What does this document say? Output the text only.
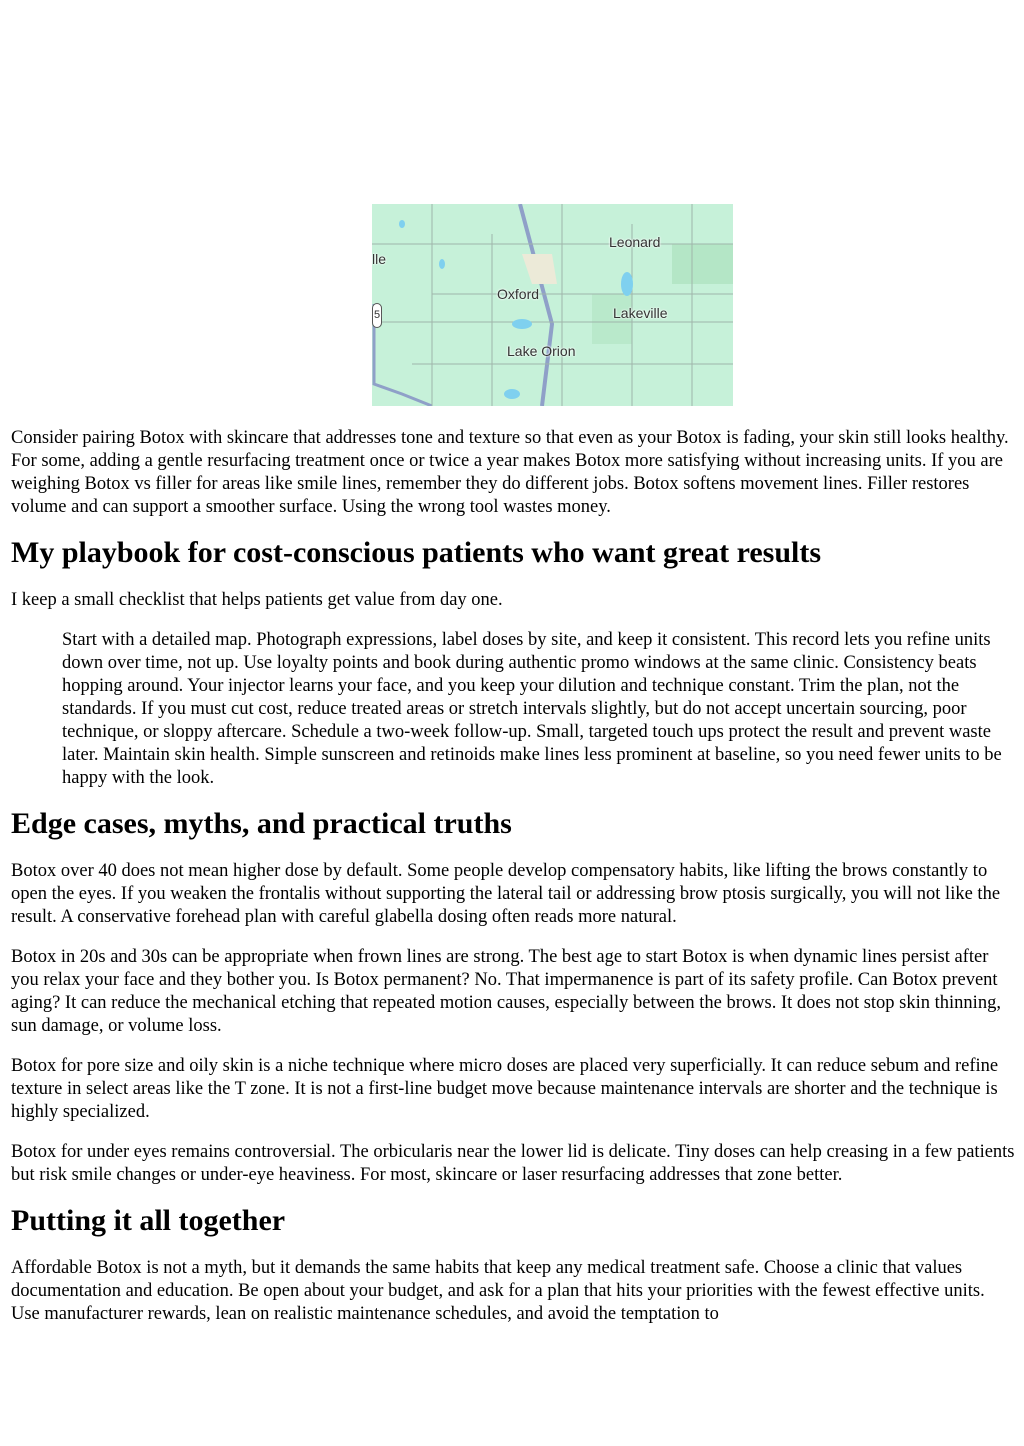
Leonard
lle
Oxford
Lakeville
Lake Orion
5

Consider pairing Botox with skincare that addresses tone and texture so that even as your Botox is fading, your skin still looks healthy. For some, adding a gentle resurfacing treatment once or twice a year makes Botox more satisfying without increasing units. If you are weighing Botox vs filler for areas like smile lines, remember they do different jobs. Botox softens movement lines. Filler restores volume and can support a smoother surface. Using the wrong tool wastes money.

My playbook for cost-conscious patients who want great results

I keep a small checklist that helps patients get value from day one.

Start with a detailed map. Photograph expressions, label doses by site, and keep it consistent. This record lets you refine units down over time, not up. Use loyalty points and book during authentic promo windows at the same clinic. Consistency beats hopping around. Your injector learns your face, and you keep your dilution and technique constant. Trim the plan, not the standards. If you must cut cost, reduce treated areas or stretch intervals slightly, but do not accept uncertain sourcing, poor technique, or sloppy aftercare. Schedule a two-week follow-up. Small, targeted touch ups protect the result and prevent waste later. Maintain skin health. Simple sunscreen and retinoids make lines less prominent at baseline, so you need fewer units to be happy with the look.
Edge cases, myths, and practical truths

Botox over 40 does not mean higher dose by default. Some people develop compensatory habits, like lifting the brows constantly to open the eyes. If you weaken the frontalis without supporting the lateral tail or addressing brow ptosis surgically, you will not like the result. A conservative forehead plan with careful glabella dosing often reads more natural.

Botox in 20s and 30s can be appropriate when frown lines are strong. The best age to start Botox is when dynamic lines persist after you relax your face and they bother you. Is Botox permanent? No. That impermanence is part of its safety profile. Can Botox prevent aging? It can reduce the mechanical etching that repeated motion causes, especially between the brows. It does not stop skin thinning, sun damage, or volume loss.

Botox for pore size and oily skin is a niche technique where micro doses are placed very superficially. It can reduce sebum and refine texture in select areas like the T zone. It is not a first-line budget move because maintenance intervals are shorter and the technique is highly specialized.

Botox for under eyes remains controversial. The orbicularis near the lower lid is delicate. Tiny doses can help creasing in a few patients but risk smile changes or under-eye heaviness. For most, skincare or laser resurfacing addresses that zone better.

Putting it all together

Affordable Botox is not a myth, but it demands the same habits that keep any medical treatment safe. Choose a clinic that values documentation and education. Be open about your budget, and ask for a plan that hits your priorities with the fewest effective units. Use manufacturer rewards, lean on realistic maintenance schedules, and avoid the temptation to
